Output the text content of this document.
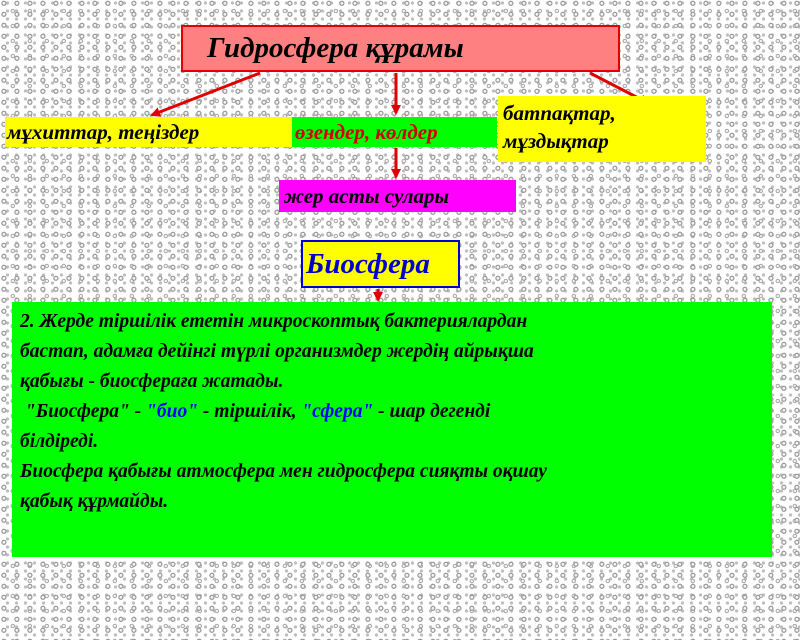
Гидросфера құрамы
мұхиттар, теңіздер	өзендер, көлдер
батпақтар,
мұздықтар
жер асты сулары
Биосфера

2. Жерде тіршілік ететін микроскоптық бактериялардан

бастап, адамға дейінгі түрлі организмдер жердің айрықша

қабығы - биосфераға жатады.

"Биосфера" - "био" - тіршілік, "сфера" - шар дегенді

білдіреді.

Биосфера қабығы атмосфера мен гидросфера сияқты оқшау

қабық құрмайды.
